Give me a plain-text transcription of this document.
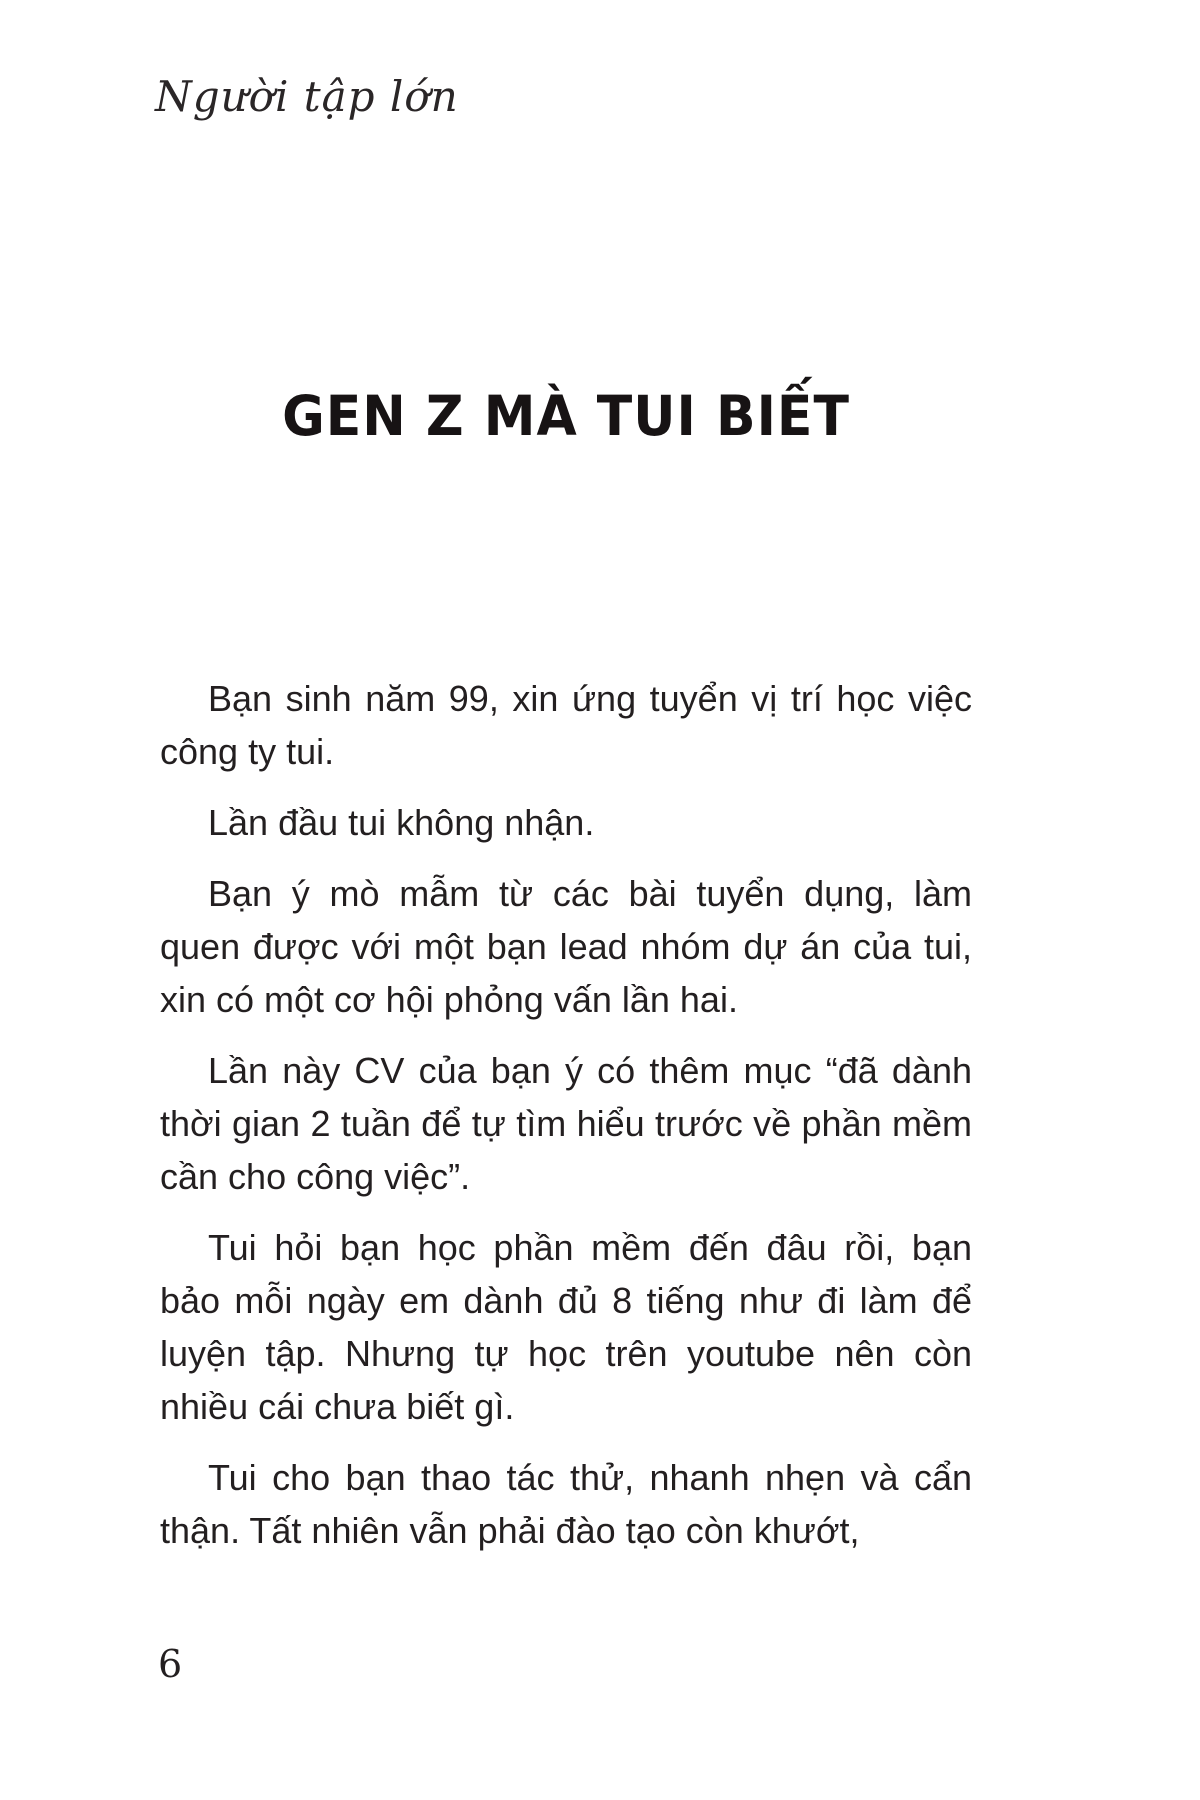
Người tập lớn
GEN Z MÀ TUI BIẾT

Bạn sinh năm 99, xin ứng tuyển vị trí học việc công ty tui.

Lần đầu tui không nhận.

Bạn ý mò mẫm từ các bài tuyển dụng, làm quen được với một bạn lead nhóm dự án của tui, xin có một cơ hội phỏng vấn lần hai.

Lần này CV của bạn ý có thêm mục “đã dành thời gian 2 tuần để tự tìm hiểu trước về phần mềm cần cho công việc”.

Tui hỏi bạn học phần mềm đến đâu rồi, bạn bảo mỗi ngày em dành đủ 8 tiếng như đi làm để luyện tập. Nhưng tự học trên youtube nên còn nhiều cái chưa biết gì.

Tui cho bạn thao tác thử, nhanh nhẹn và cẩn thận. Tất nhiên vẫn phải đào tạo còn khướt,

6
